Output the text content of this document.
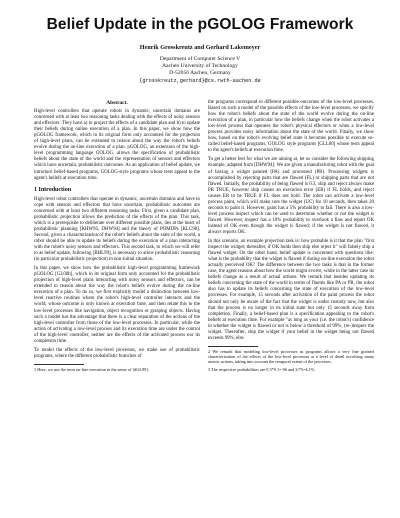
Belief Update in the pGOLOG Framework
Henrik Grosskreutz and Gerhard Lakemeyer
Department of Computer Science V
Aachen University of Technology
D-52056 Aachen, Germany
{grosskreutz,gerhard}@cs.rwth-aachen.de
Abstract.

High-level controllers that operate robots in dynamic, uncertain domains are concerned with at least two reasoning tasks dealing with the effects of noisy sensors and effectors: They have a) to project the effects of a candidate plan and b) to update their beliefs during online execution of a plan. In this paper, we show how the pGOLOG framework, which in its original form only accounted for the projection of high-level plans, can be extended to reason about the way the robot's beliefs evolve during the on-line execution of a plan. pGOLOG, an extension of the high-level programming language GOLOG, allows the specification of probabilistic beliefs about the state of the world and the representation of sensors and effectors which have uncertain, probabilistic outcomes. As an application of belief update, we introduce belief-based programs, GOLOG-style programs whose tests appeal to the agent's beliefs at execution time.

1 Introduction

High-level robot controllers that operate in dynamic, uncertain domains and have to cope with sensors and effectors that have uncertain, probabilistic outcomes are concerned with at least two different reasoning tasks. First, given a candidate plan, probabilistic projection allows the prediction of the effects of the plan. This task, which is a prerequisite to deliberate over different possible plans, lies at the heart of probabilistic planning [KHW95, DHW94] and the theory of POMDPs [KLC98]. Second, given a characterization of the robot's beliefs about the state of the world, a robot should be able to update its beliefs during the execution of a plan interacting with the robot's noisy sensors and effectors. This second task, to which we will refer to as belief update, following [BHL99], is necessary to allow probabilistic reasoning (in particular probabilistic projection) in non-initial situation.

In this paper, we show how the probabilistic high-level programming framework pGOLOG [GL00b], which in its original form only accounted for the probabilistic projection of high-level plans interacting with noisy sensors and effectors, can be extended to reason about the way the robot's beliefs evolve during the on-line execution of a plan. To do so, we first explicitly model a distinction between low-level reactive routines where the robot's high-level controller interacts and the world, whose outcome is only known at execution time, and then relate this to the low-level processes like navigation, object recognition or grasping objects. Having such a model has the advantage that there is a clear separation of the actions of the high-level controller from those of the low-level processes. In particular, while the action of activating a low-level process and its execution time are under the control of the high-level controller, neither are the effects of the activated process nor its completion time.

To model the effects of the low-level processes, we make use of probabilistic programs, where the different probabilistic branches of

1 Here, we use the term on-line execution in the sense of [dGL99].

the programs correspond to different possible outcomes of the low-level processes. Based on such a model of the possible effects of the low-level processes, we specify how the robot's beliefs about the state of the world evolve during the on-line execution of a plan, in particular how the beliefs change when the robot activates a low-level process that operates the robot's physical effectors or when a low-level process provides noisy information about the state of the world. Finally, we show how, based on the robot's evolving belief state it becomes possible to execute so-called belief-based programs, GOLOG style programs [GLL00] whose tests appeal to the agent's beliefs at execution time.

To get a better feel for what we are aiming at, let us consider the following shipping example, adapted from [DHW94]: We are given a manufacturing robot with the goal of having a widget painted (PA) and processed (PR). Processing widgets is accomplished by rejecting parts that are flawed (FL) or shipping parts that are not flawed. Initially, the probability of being flawed is 0.3, ship and reject always make PR TRUE, however ship causes an execution error (ER) if FL holds, and reject causes ER to be TRUE if FL does not hold. The robot can activate a low-level process paint, which will make sure the widget (UC) for 10 seconds, then takes 20 seconds to paint it. However, paint has a 5% probability to fail. There is also a low-level process inspect which can be used to determine whether or not the widget is flawed. However, inspect has a 10% probability to overlook a flaw and report OK instead of OK even though the widget is flawed; if the widget is not flawed, it always reports OK.

In this scenario, an example projection task is: how probable is it that the plan "first inspect the widget; thereafter, if OK holds then ship else reject it" will falsely ship a flawed widget. On the other hand, belief update is concerned with questions like: what is the probability that the widget is flawed if during on-line execution the robot actually perceived OK? The difference between the two tasks is that in the former case, the agent reasons about how the world might evolve, while in the latter case its beliefs change as a result of actual actions. We remark that besides updating its beliefs concerning the state of the world in terms of fluents like PA or PR, the robot also has to update its beliefs concerning the state of execution of the low-level processes. For example, 15 seconds after activation of the paint process the robot should not only be aware of the fact that the widget is under custody now, but also that the process is no longer in its initial state but only 15 seconds away from completion. Finally, a belief-based plan is a specification appealing to the robot's beliefs at execution time. For example "as long as your (i.e. the robot's) confidence in whether the widget is flawed or not is below a threshold of 99%, (re-)inspect the widget. Thereafter, ship the widget if your belief in the widget being not flawed exceeds 99%, else

2 We remark that modeling low-level processes as programs allows a very fine grained characterization of the effects of the low-level processes at a level of detail involving many atomic actions, taking into account the temporal extent of the processes.

3 The respective probabilities are 0.3*0.1=.96 and 3/75=4.1%.
